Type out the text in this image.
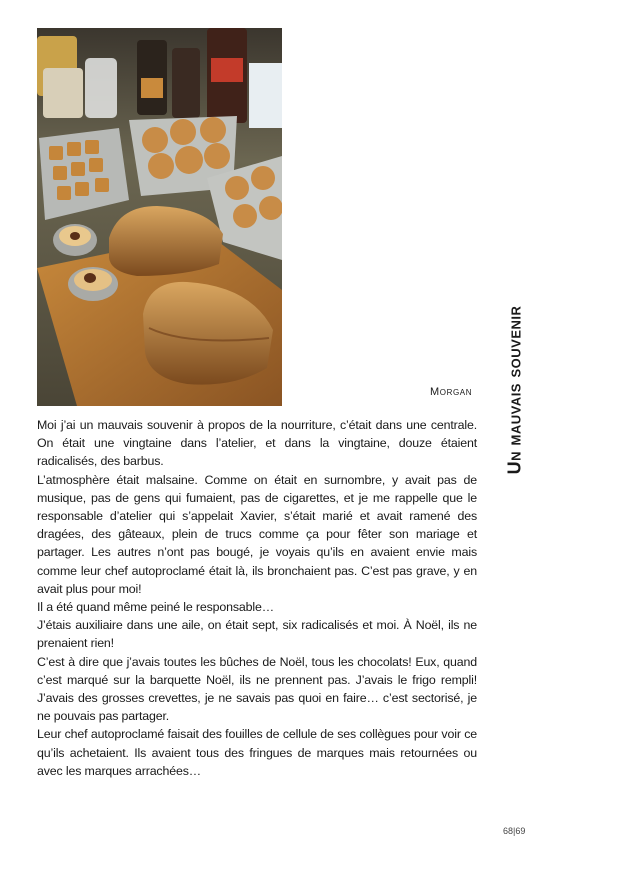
Morgan Un mauvais souvenir

Moi j’ai un mauvais souvenir à propos de la nourriture, c’était dans une centrale. On était une vingtaine dans l’atelier, et dans la vingtaine, douze étaient radicalisés, des barbus.

L’atmosphère était malsaine. Comme on était en surnombre, y avait pas de musique, pas de gens qui fumaient, pas de cigarettes, et je me rappelle que le responsable d’atelier qui s’appelait Xavier, s’était marié et avait ramené des dragées, des gâteaux, plein de trucs comme ça pour fêter son mariage et partager. Les autres n’ont pas bougé, je voyais qu’ils en avaient envie mais comme leur chef autoproclamé était là, ils bronchaient pas. C’est pas grave, y en avait plus pour moi!

Il a été quand même peiné le responsable…

J’étais auxiliaire dans une aile, on était sept, six radicalisés et moi. À Noël, ils ne prenaient rien!

C’est à dire que j’avais toutes les bûches de Noël, tous les chocolats! Eux, quand c’est marqué sur la barquette Noël, ils ne prennent pas. J’avais le frigo rempli! J’avais des grosses crevettes, je ne savais pas quoi en faire… c’est sectorisé, je ne pouvais pas partager.

Leur chef autoproclamé faisait des fouilles de cellule de ses collègues pour voir ce qu’ils achetaient. Ils avaient tous des fringues de marques mais retournées ou avec les marques arrachées…

68|69
